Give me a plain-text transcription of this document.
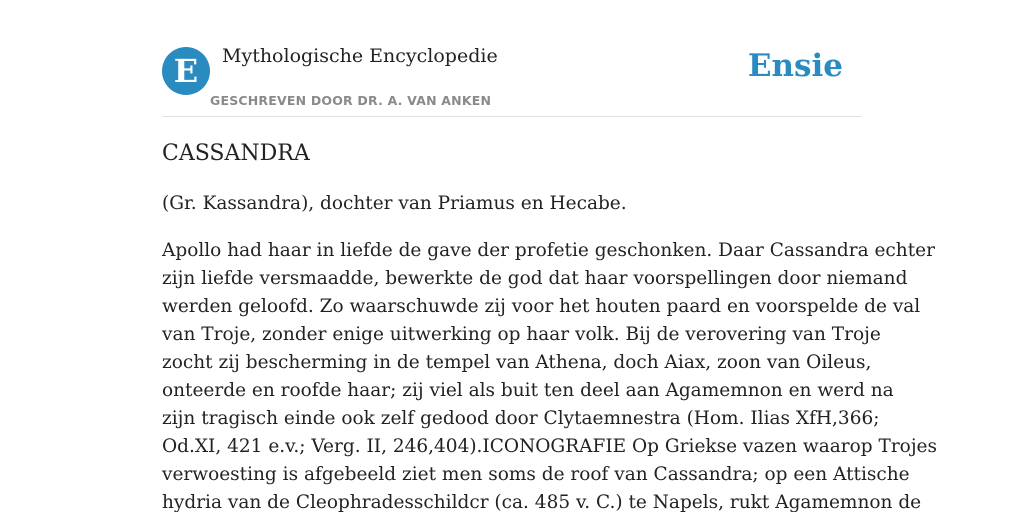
E	Mythologische Encyclopedie
GESCHREVEN DOOR DR. A. VAN ANKEN
Ensie
CASSANDRA

(Gr. Kassandra), dochter van Priamus en Hecabe.

Apollo had haar in liefde de gave der profetie geschonken. Daar Cassandra echter
zijn liefde versmaadde, bewerkte de god dat haar voorspellingen door niemand
werden geloofd. Zo waarschuwde zij voor het houten paard en voorspelde de val
van Troje, zonder enige uitwerking op haar volk. Bij de verovering van Troje
zocht zij bescherming in de tempel van Athena, doch Aiax, zoon van Oileus,
onteerde en roofde haar; zij viel als buit ten deel aan Agamemnon en werd na
zijn tragisch einde ook zelf gedood door Clytaemnestra (Hom. Ilias XfH,366;
Od.XI, 421 e.v.; Verg. II, 246,404).ICONOGRAFIE Op Griekse vazen waarop Trojes
verwoesting is afgebeeld ziet men soms de roof van Cassandra; op een Attische
hydria van de Cleophradesschildcr (ca. 485 v. C.) te Napels, rukt Agamemnon de
